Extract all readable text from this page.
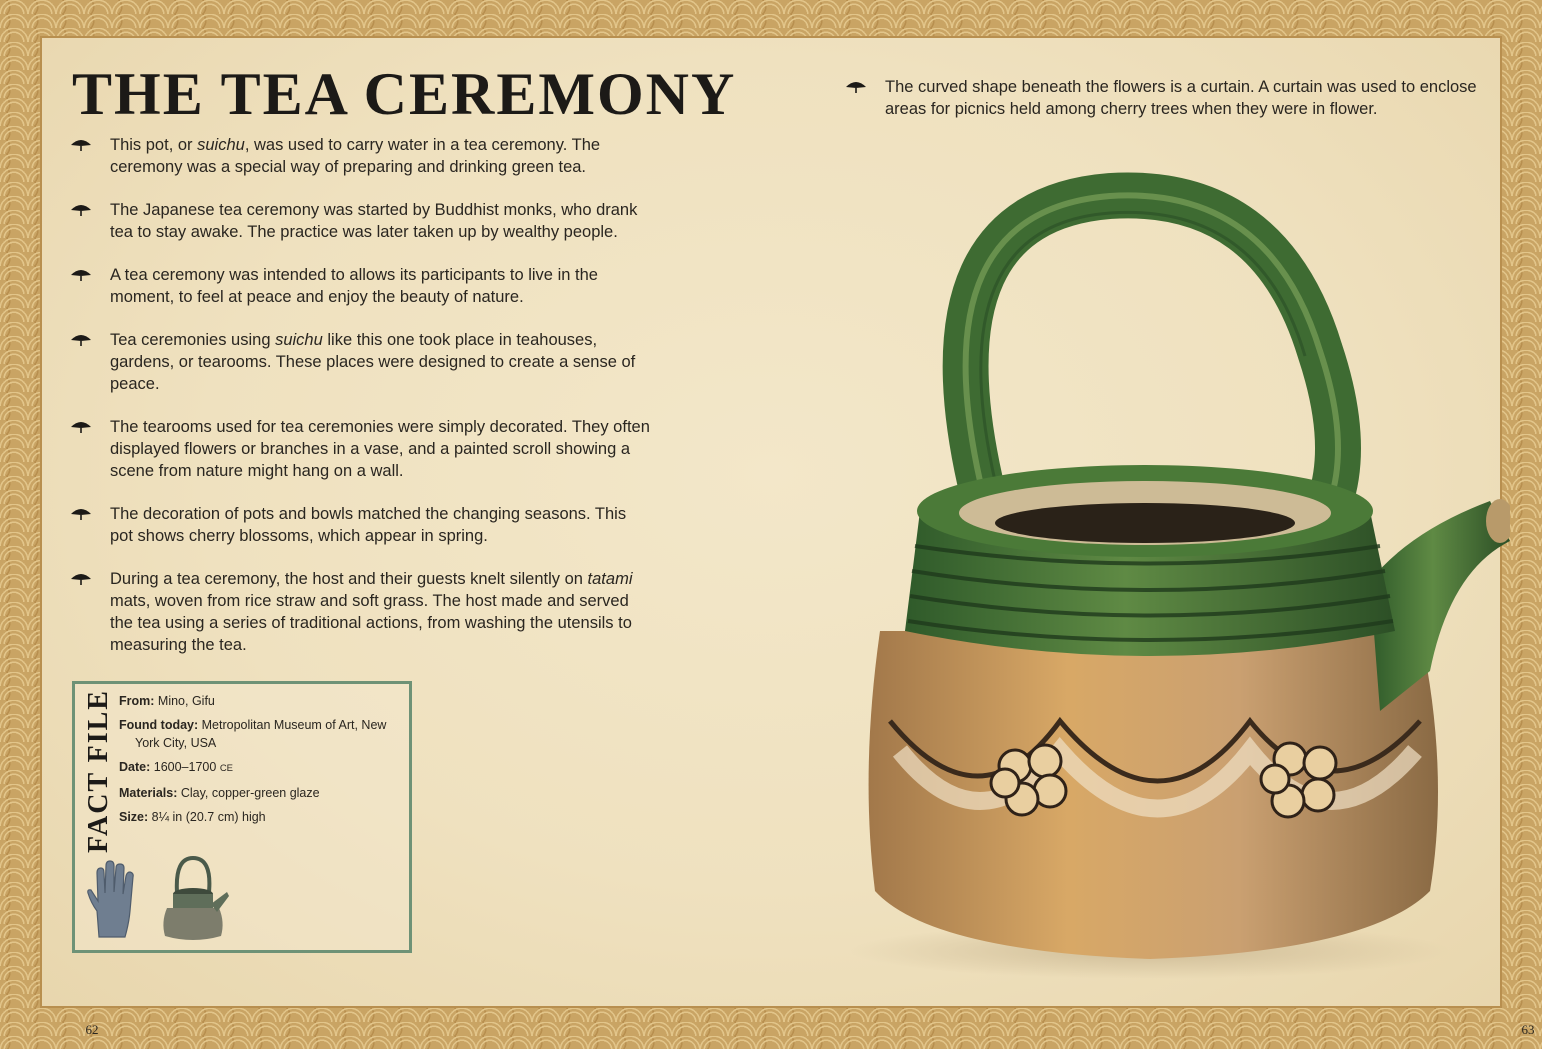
THE TEA CEREMONY
This pot, or suichu, was used to carry water in a tea ceremony. The ceremony was a special way of preparing and drinking green tea.
The Japanese tea ceremony was started by Buddhist monks, who drank tea to stay awake. The practice was later taken up by wealthy people.
A tea ceremony was intended to allows its participants to live in the moment, to feel at peace and enjoy the beauty of nature.
Tea ceremonies using suichu like this one took place in teahouses, gardens, or tearooms. These places were designed to create a sense of peace.
The tearooms used for tea ceremonies were simply decorated. They often displayed flowers or branches in a vase, and a painted scroll showing a scene from nature might hang on a wall.
The decoration of pots and bowls matched the changing seasons. This pot shows cherry blossoms, which appear in spring.
During a tea ceremony, the host and their guests knelt silently on tatami mats, woven from rice straw and soft grass. The host made and served the tea using a series of traditional actions, from washing the utensils to measuring the tea.
The curved shape beneath the flowers is a curtain. A curtain was used to enclose areas for picnics held among cherry trees when they were in flower.
FACT FILE From: Mino, Gifu
Found today: Metropolitan Museum of Art, New York City, USA
Date: 1600–1700 CE
Materials: Clay, copper-green glaze
Size: 8¼ in (20.7 cm) high
62	63
